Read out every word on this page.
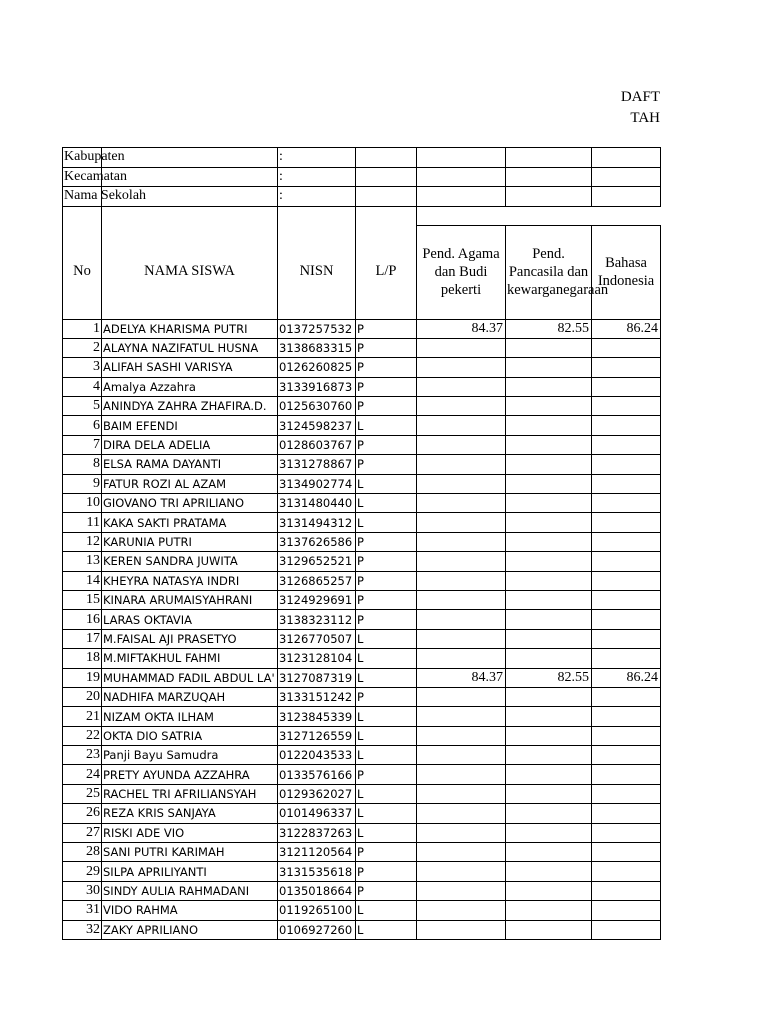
DAFT
TAH
Kabupaten		:				

Kecamatan		:				

Nama Sekolah		:				

No	NAMA SISWA	NISN	L/P	Pend. Agama dan Budi pekerti	Pend. Pancasila dan kewarganegaraan	Bahasa Indonesia
1	ADELYA KHARISMA PUTRI	0137257532	P	84.37	82.55	86.24
2	ALAYNA NAZIFATUL HUSNA	3138683315	P			
3	ALIFAH SASHI VARISYA	0126260825	P			
4	Amalya Azzahra	3133916873	P			
5	ANINDYA ZAHRA ZHAFIRA.D.	0125630760	P			
6	BAIM EFENDI	3124598237	L			
7	DIRA DELA ADELIA	0128603767	P			
8	ELSA RAMA DAYANTI	3131278867	P			
9	FATUR ROZI AL AZAM	3134902774	L			
10	GIOVANO TRI APRILIANO	3131480440	L			
11	KAKA SAKTI PRATAMA	3131494312	L			
12	KARUNIA PUTRI	3137626586	P			
13	KEREN SANDRA JUWITA	3129652521	P			
14	KHEYRA NATASYA INDRI	3126865257	P			
15	KINARA ARUMAISYAHRANI	3124929691	P			
16	LARAS OKTAVIA	3138323112	P			
17	M.FAISAL AJI PRASETYO	3126770507	L			
18	M.MIFTAKHUL FAHMI	3123128104	L			
19	MUHAMMAD FADIL ABDUL LA'	3127087319	L	84.37	82.55	86.24
20	NADHIFA MARZUQAH	3133151242	P			
21	NIZAM OKTA ILHAM	3123845339	L			
22	OKTA DIO SATRIA	3127126559	L			
23	Panji Bayu Samudra	0122043533	L			
24	PRETY AYUNDA AZZAHRA	0133576166	P			
25	RACHEL TRI AFRILIANSYAH	0129362027	L			
26	REZA KRIS SANJAYA	0101496337	L			
27	RISKI ADE VIO	3122837263	L			
28	SANI PUTRI KARIMAH	3121120564	P			
29	SILPA APRILIYANTI	3131535618	P			
30	SINDY AULIA RAHMADANI	0135018664	P			
31	VIDO RAHMA	0119265100	L			
32	ZAKY APRILIANO	0106927260	L			
